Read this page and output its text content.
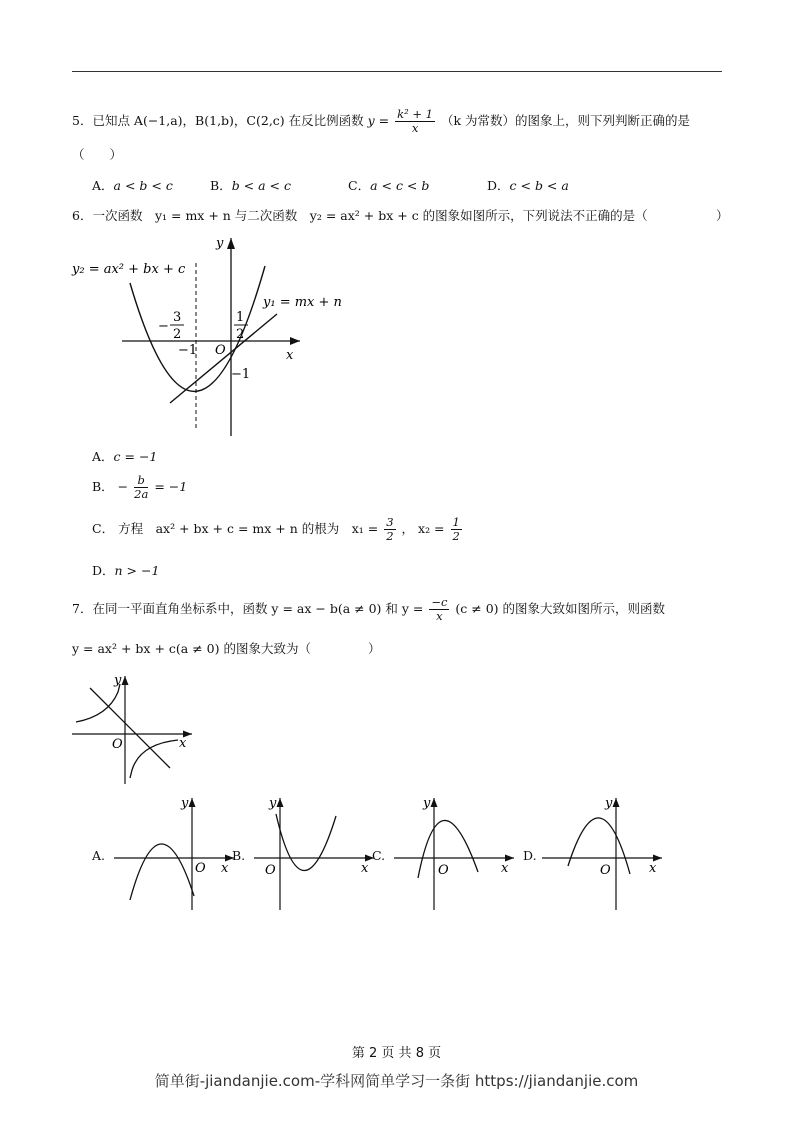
5．已知点 A(−1,a)，B(1,b)，C(2,c) 在反比例函数 $y = \frac{\text{k² + 1}}{x} (k$ 为常数）的图象上，则下列判断正确的是
（　　）
A．a < b < c	B．b < a < c	C．a < c < b	D．c < b < a
6．一次函数　y₁ = mx + n 与二次函数　y₂ = ax² + bx + c 的图象如图所示，下列说法不正确的是（	）
y
x
O
y₂ = ax² + bx + c
y₁ = mx + n
−
3
2
1
2
−1
−1
A．c = −1
B． − $\frac{b}{2a} = -1$
C． 方程　ax² + bx + c = mx + n 的根为　$x_1 = \frac{3}{2}$ ， $x_2 = \frac{1}{2}$
D．n > −1
7．在同一平面直角坐标系中，函数 y = ax − b(a ≠ 0) 和 $y = \frac{-c}{x} (c \ne 0)$ 的图象大致如图所示，则函数
y = ax² + bx + c(a ≠ 0) 的图象大致为（	）
y
x
O
A.
y
x
O
B.
y
x
O
C.
y
x
O
D.
y
x
O
第 2 页 共 8 页
简单街-jiandanjie.com-学科网简单学习一条街 https://jiandanjie.com
